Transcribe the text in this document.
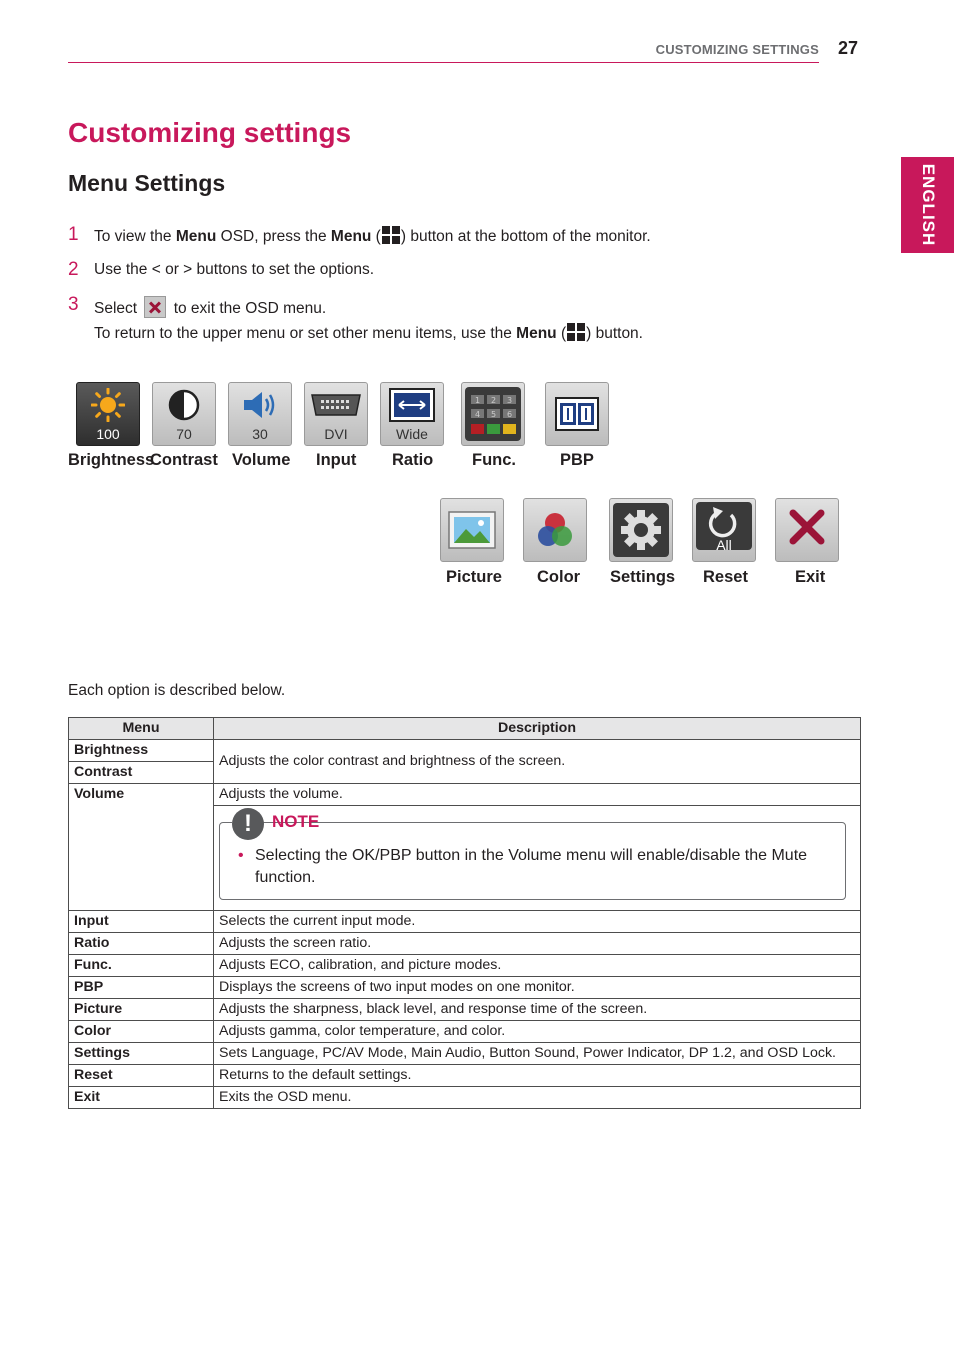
CUSTOMIZING SETTINGS 27
ENGLISH
Customizing settings
Menu Settings
1 To view the Menu OSD, press the Menu ( ) button at the bottom of the monitor.
2 Use the < or > buttons to set the options.
3 Select  to exit the OSD menu.
To return to the upper menu or set other menu items, use the Menu ( ) button.
100	70	30	DVI	Wide
1 2 3
4 5 6
Brightness
Contrast Volume Input Ratio Func.	PBP
All
Picture Color Settings Reset	Exit
Each option is described below.
Menu	Description
Brightness	Adjusts the color contrast and brightness of the screen.
Contrast	
Volume	Adjusts the volume.

	! NOTE
• Selecting the OK/PBP button in the Volume menu will enable/disable the Mute function.

Input	Selects the current input mode.
Ratio	Adjusts the screen ratio.
Func.	Adjusts ECO, calibration, and picture modes.
PBP	Displays the screens of two input modes on one monitor.
Picture	Adjusts the sharpness, black level, and response time of the screen.
Color	Adjusts gamma, color temperature, and color.
Settings	Sets Language, PC/AV Mode, Main Audio, Button Sound, Power Indicator, DP 1.2, and OSD Lock.
Reset	Returns to the default settings.
Exit	Exits the OSD menu.
